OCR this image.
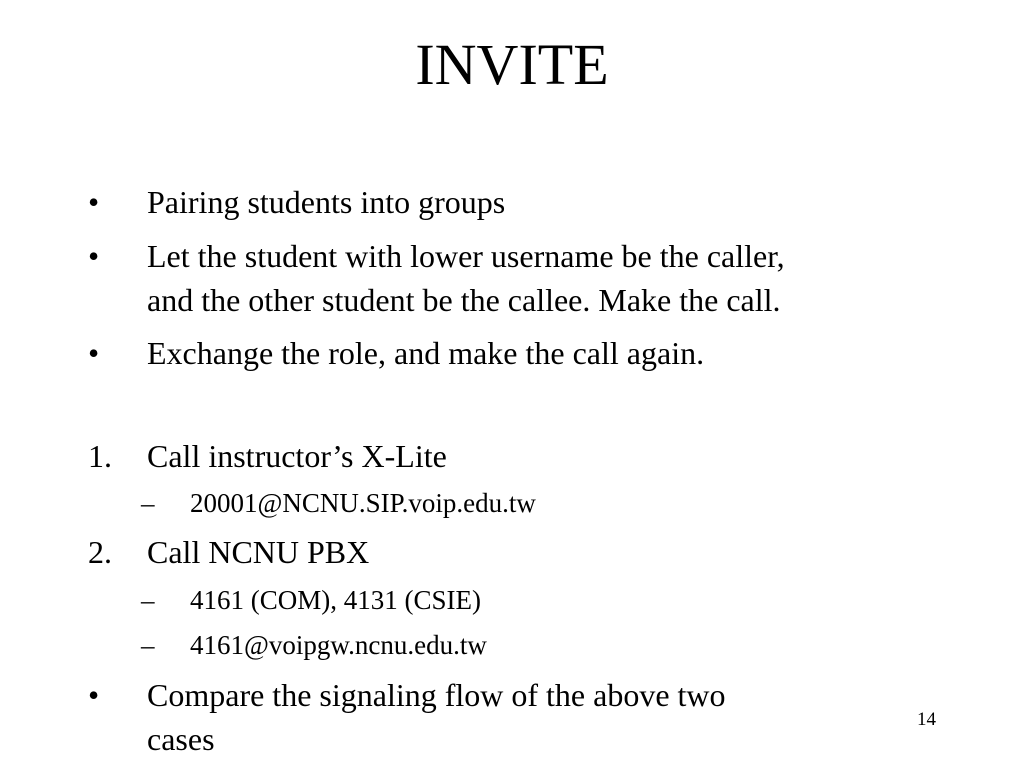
INVITE
• Pairing students into groups
• Let the student with lower username be the caller,
and the other student be the callee. Make the call.
• Exchange the role, and make the call again.
1. Call instructor’s X-Lite
– 20001@NCNU.SIP.voip.edu.tw
2. Call NCNU PBX
– 4161 (COM), 4131 (CSIE)
– 4161@voipgw.ncnu.edu.tw
• Compare the signaling flow of the above two
cases
14
